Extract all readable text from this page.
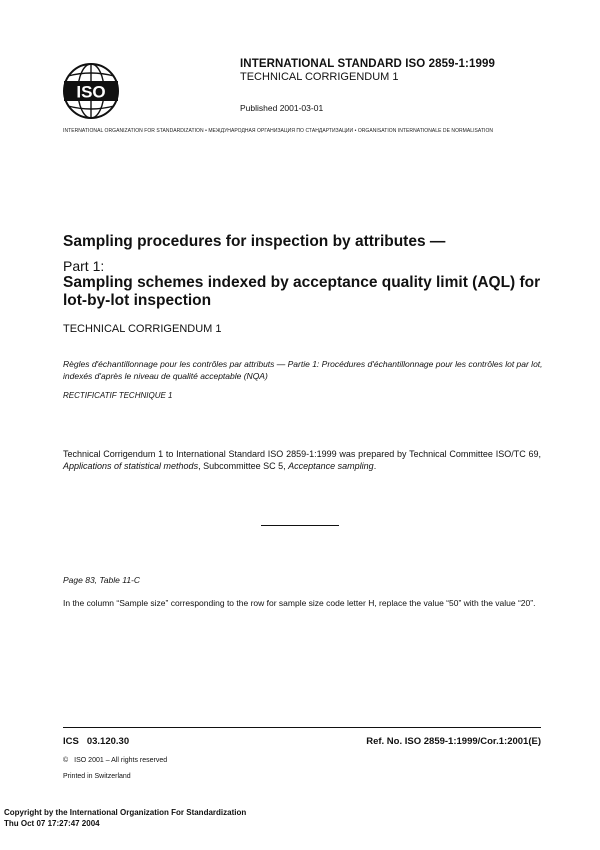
ISO
INTERNATIONAL STANDARD ISO 2859-1:1999
TECHNICAL CORRIGENDUM 1
Published 2001-03-01
INTERNATIONAL ORGANIZATION FOR STANDARDIZATION • МЕЖДУНАРОДНАЯ ОРГАНИЗАЦИЯ ПО СТАНДАРТИЗАЦИИ • ORGANISATION INTERNATIONALE DE NORMALISATION
Sampling procedures for inspection by attributes —
Part 1:
Sampling schemes indexed by acceptance quality limit (AQL) for lot-by-lot inspection
TECHNICAL CORRIGENDUM 1
Règles d'échantillonnage pour les contrôles par attributs — Partie 1: Procédures d'échantillonnage pour les contrôles lot par lot, indexés d'après le niveau de qualité acceptable (NQA)
RECTIFICATIF TECHNIQUE 1
Technical Corrigendum 1 to International Standard ISO 2859-1:1999 was prepared by Technical Committee ISO/TC 69, Applications of statistical methods, Subcommittee SC 5, Acceptance sampling.
Page 83, Table 11-C
In the column “Sample size” corresponding to the row for sample size code letter H, replace the value “50” with the value “20”.
ICS 03.120.30	Ref. No. ISO 2859-1:1999/Cor.1:2001(E)
© ISO 2001 – All rights reserved
Printed in Switzerland
Copyright by the International Organization For Standardization
Thu Oct 07 17:27:47 2004
